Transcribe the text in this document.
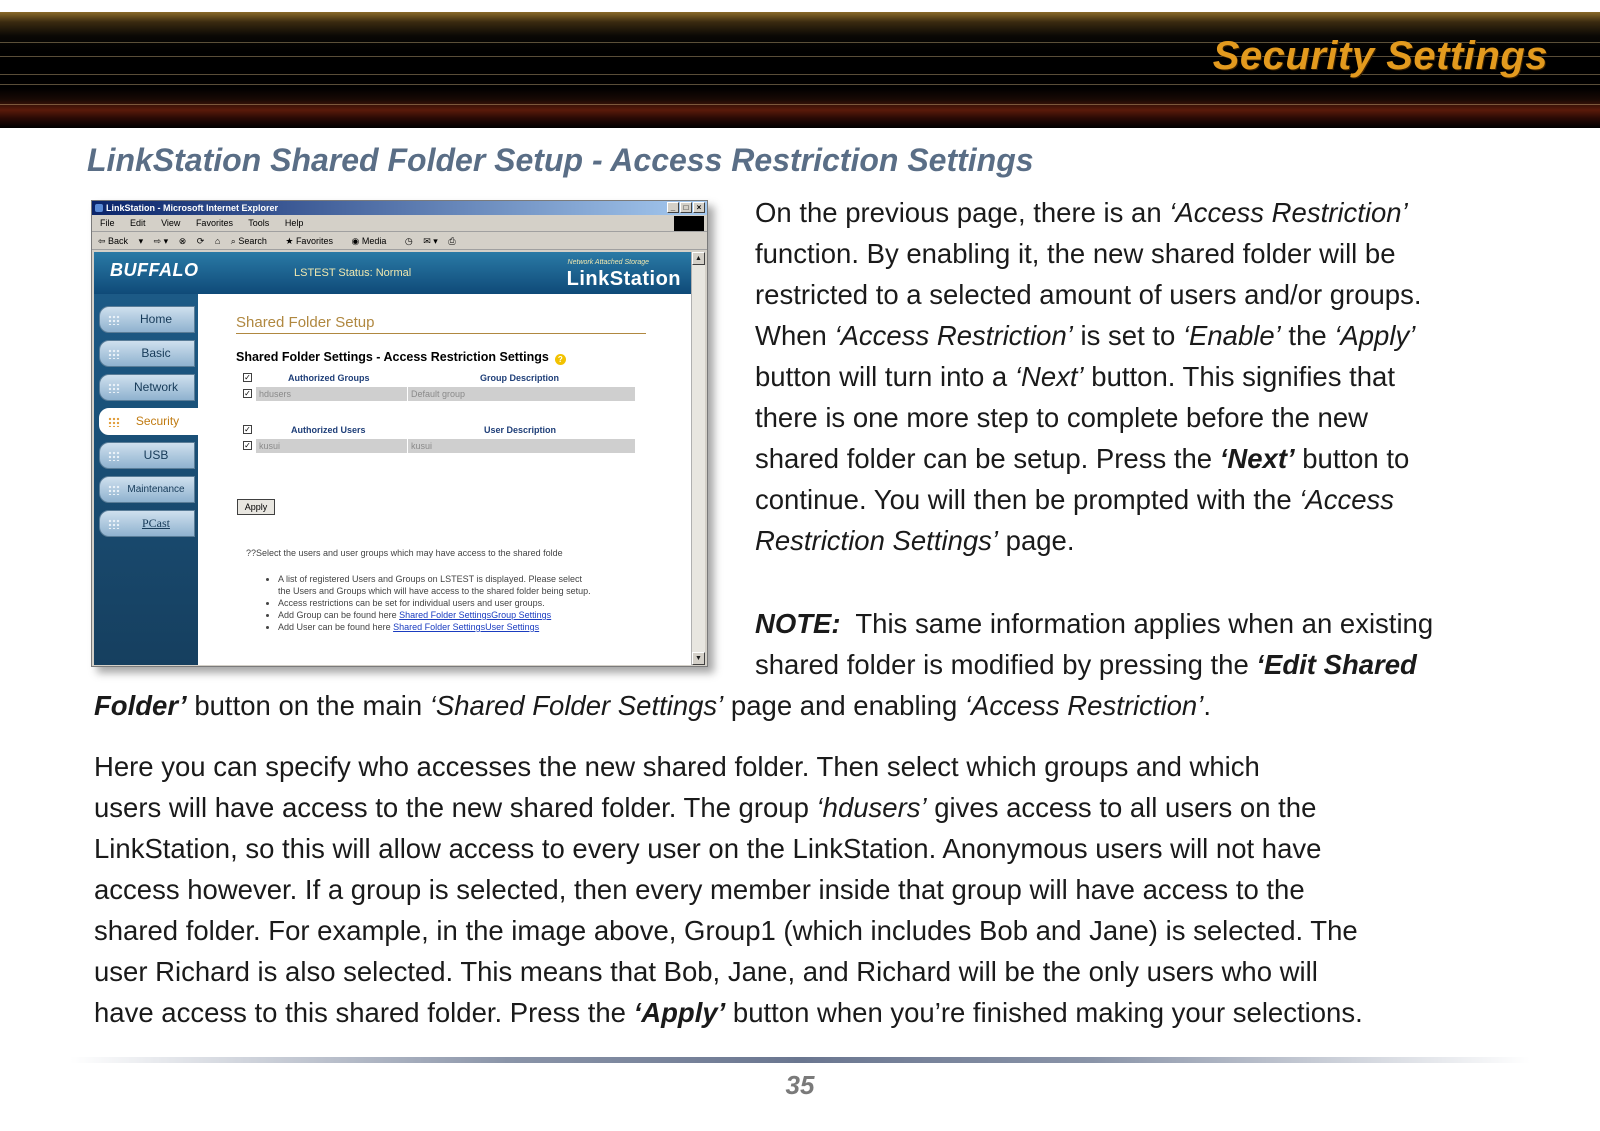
Security Settings
LinkStation Shared Folder Setup - Access Restriction Settings
LinkStation - Microsoft Internet Explorer	_	□	×
File Edit View Favorites Tools Help
⇦ Back ▾ ⇨ ▾ ⊗ ⟳ ⌂ ⌕ Search ★ Favorites ◉ Media ◷ ✉ ▾ ⎙
BUFFALO	LSTEST Status: Normal
Network Attached Storage
LinkStation
Home
Basic
Network
Security
USB
Maintenance
PCast
Shared Folder Setup
Shared Folder Settings - Access Restriction Settings ?
✓	Authorized Groups	Group Description
✓ hdusers	Default group
✓	Authorized Users	User Description
✓ kusui	kusui
Apply
??Select the users and user groups which may have access to the shared folde
• A list of registered Users and Groups on LSTEST is displayed. Please select
the Users and Groups which will have access to the shared folder being setup.
• Access restrictions can be set for individual users and user groups.
• Add Group can be found here Shared Folder SettingsGroup Settings
• Add User can be found here Shared Folder SettingsUser Settings
▲
▼
On the previous page, there is an ‘Access Restriction’
function. By enabling it, the new shared folder will be
restricted to a selected amount of users and/or groups.
When ‘Access Restriction’ is set to ‘Enable’ the ‘Apply’
button will turn into a ‘Next’ button. This signifies that
there is one more step to complete before the new
shared folder can be setup. Press the ‘Next’ button to
continue. You will then be prompted with the ‘Access
Restriction Settings’ page.
NOTE:  This same information applies when an existing
shared folder is modified by pressing the ‘Edit Shared
Folder’ button on the main ‘Shared Folder Settings’ page and enabling ‘Access Restriction’.
Here you can specify who accesses the new shared folder. Then select which groups and which
users will have access to the new shared folder. The group ‘hdusers’ gives access to all users on the
LinkStation, so this will allow access to every user on the LinkStation. Anonymous users will not have
access however. If a group is selected, then every member inside that group will have access to the
shared folder. For example, in the image above, Group1 (which includes Bob and Jane) is selected. The
user Richard is also selected. This means that Bob, Jane, and Richard will be the only users who will
have access to this shared folder. Press the ‘Apply’ button when you’re finished making your selections.
35
